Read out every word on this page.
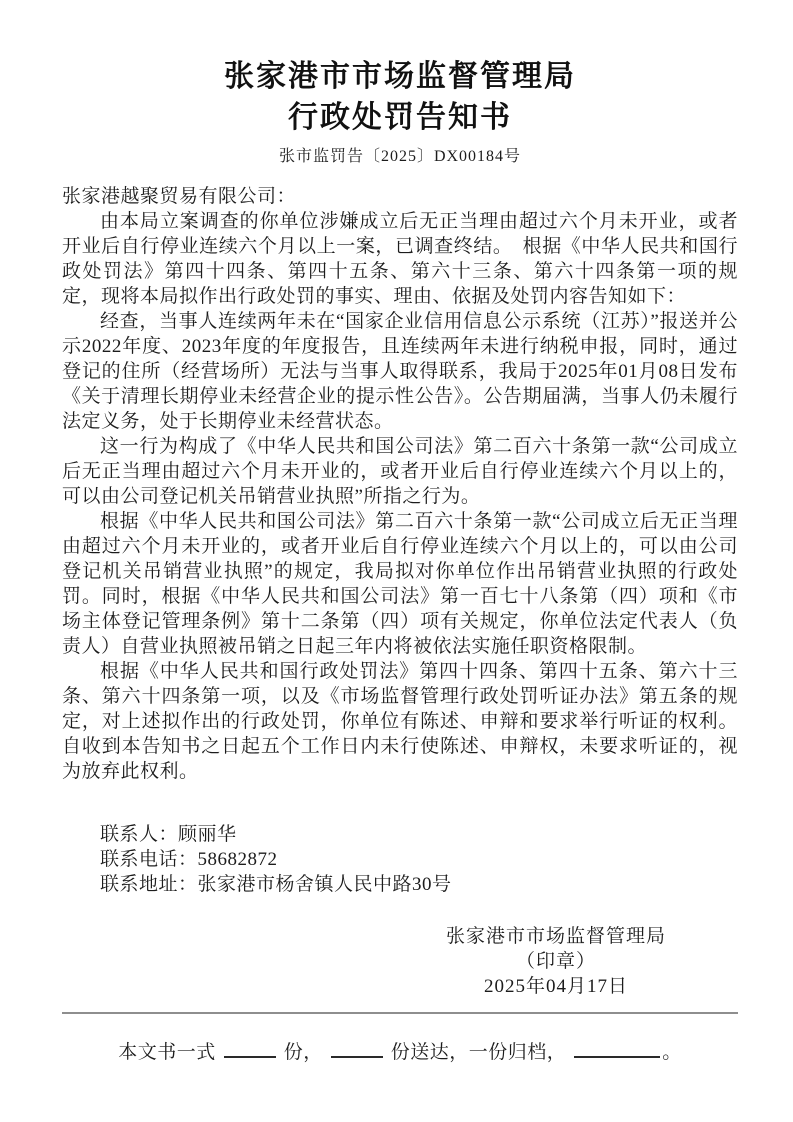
张家港市市场监督管理局
行政处罚告知书
张市监罚告〔2025〕DX00184号

张家港越聚贸易有限公司：

由本局立案调查的你单位涉嫌成立后无正当理由超过六个月未开业，或者开业后自行停业连续六个月以上一案，已调查终结。　根据《中华人民共和国行政处罚法》第四十四条、第四十五条、第六十三条、第六十四条第一项的规定，现将本局拟作出行政处罚的事实、理由、依据及处罚内容告知如下：

经查，当事人连续两年未在“国家企业信用信息公示系统（江苏）”报送并公示2022年度、2023年度的年度报告，且连续两年未进行纳税申报，同时，通过登记的住所（经营场所）无法与当事人取得联系，我局于2025年01月08日发布《关于清理长期停业未经营企业的提示性公告》。公告期届满，当事人仍未履行法定义务，处于长期停业未经营状态。

这一行为构成了《中华人民共和国公司法》第二百六十条第一款“公司成立后无正当理由超过六个月未开业的，或者开业后自行停业连续六个月以上的，可以由公司登记机关吊销营业执照”所指之行为。

根据《中华人民共和国公司法》第二百六十条第一款“公司成立后无正当理由超过六个月未开业的，或者开业后自行停业连续六个月以上的，可以由公司登记机关吊销营业执照”的规定，我局拟对你单位作出吊销营业执照的行政处罚。同时，根据《中华人民共和国公司法》第一百七十八条第（四）项和《市场主体登记管理条例》第十二条第（四）项有关规定，你单位法定代表人（负责人）自营业执照被吊销之日起三年内将被依法实施任职资格限制。

根据《中华人民共和国行政处罚法》第四十四条、第四十五条、第六十三条、第六十四条第一项，以及《市场监督管理行政处罚听证办法》第五条的规定，对上述拟作出的行政处罚，你单位有陈述、申辩和要求举行听证的权利。自收到本告知书之日起五个工作日内未行使陈述、申辩权，未要求听证的，视为放弃此权利。

联系人：顾丽华
联系电话：58682872
联系地址：张家港市杨舍镇人民中路30号
张家港市市场监督管理局
（印章）
2025年04月17日
本文书一式	份，	份送达，一份归档，	。
